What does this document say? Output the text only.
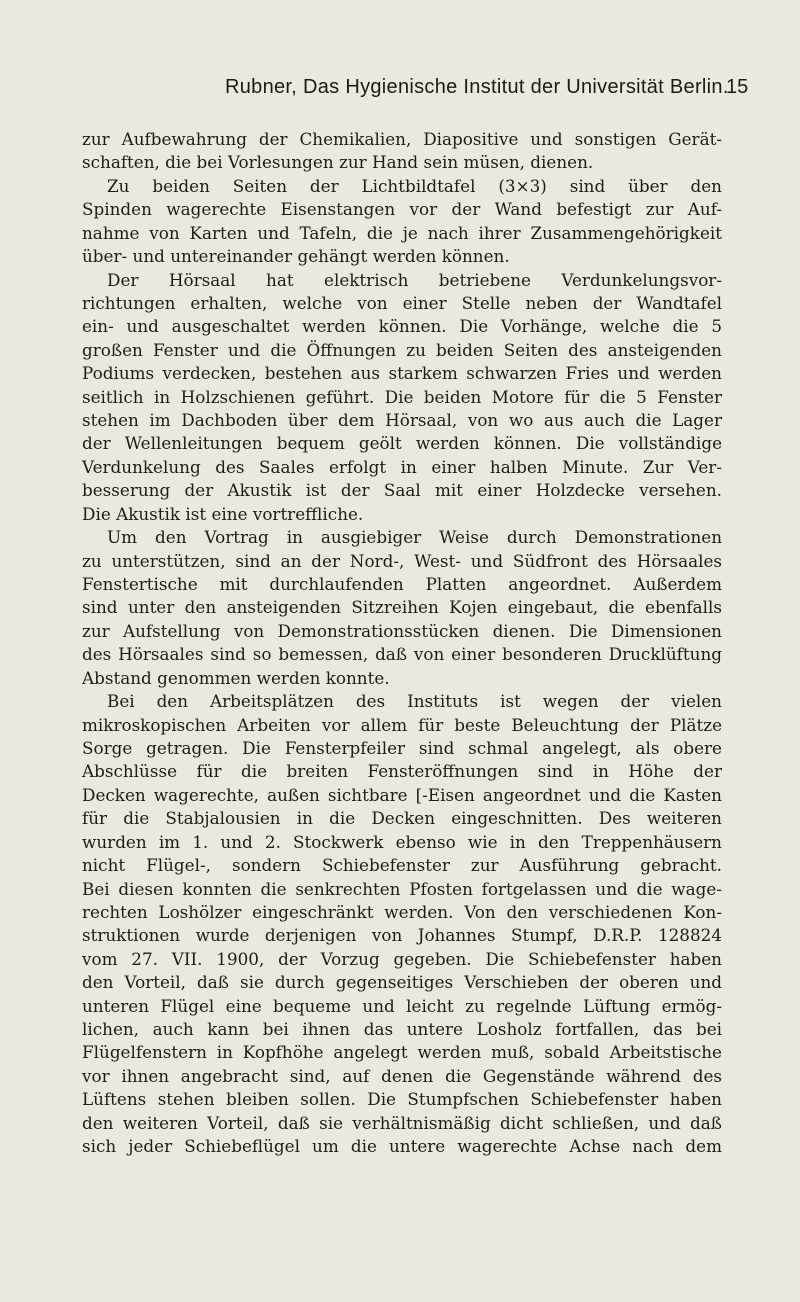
Rubner, Das Hygienische Institut der Universität Berlin.
15
zur Aufbewahrung der Chemikalien, Diapositive und sonstigen Gerät-
schaften, die bei Vorlesungen zur Hand sein müsen, dienen.
Zu beiden Seiten der Lichtbildtafel (3×3) sind über den
Spinden wagerechte Eisenstangen vor der Wand befestigt zur Auf-
nahme von Karten und Tafeln, die je nach ihrer Zusammengehörigkeit
über- und untereinander gehängt werden können.
Der Hörsaal hat elektrisch betriebene Verdunkelungsvor-
richtungen erhalten, welche von einer Stelle neben der Wandtafel
ein- und ausgeschaltet werden können. Die Vorhänge, welche die 5
großen Fenster und die Öffnungen zu beiden Seiten des ansteigenden
Podiums verdecken, bestehen aus starkem schwarzen Fries und werden
seitlich in Holzschienen geführt. Die beiden Motore für die 5 Fenster
stehen im Dachboden über dem Hörsaal, von wo aus auch die Lager
der Wellenleitungen bequem geölt werden können. Die vollständige
Verdunkelung des Saales erfolgt in einer halben Minute. Zur Ver-
besserung der Akustik ist der Saal mit einer Holzdecke versehen.
Die Akustik ist eine vortreffliche.
Um den Vortrag in ausgiebiger Weise durch Demonstrationen
zu unterstützen, sind an der Nord-, West- und Südfront des Hörsaales
Fenstertische mit durchlaufenden Platten angeordnet. Außerdem
sind unter den ansteigenden Sitzreihen Kojen eingebaut, die ebenfalls
zur Aufstellung von Demonstrationsstücken dienen. Die Dimensionen
des Hörsaales sind so bemessen, daß von einer besonderen Drucklüftung
Abstand genommen werden konnte.
Bei den Arbeitsplätzen des Instituts ist wegen der vielen
mikroskopischen Arbeiten vor allem für beste Beleuchtung der Plätze
Sorge getragen. Die Fensterpfeiler sind schmal angelegt, als obere
Abschlüsse für die breiten Fensteröffnungen sind in Höhe der
Decken wagerechte, außen sichtbare [-Eisen angeordnet und die Kasten
für die Stabjalousien in die Decken eingeschnitten. Des weiteren
wurden im 1. und 2. Stockwerk ebenso wie in den Treppenhäusern
nicht Flügel-, sondern Schiebefenster zur Ausführung gebracht.
Bei diesen konnten die senkrechten Pfosten fortgelassen und die wage-
rechten Loshölzer eingeschränkt werden. Von den verschiedenen Kon-
struktionen wurde derjenigen von Johannes Stumpf, D.R.P. 128824
vom 27. VII. 1900, der Vorzug gegeben. Die Schiebefenster haben
den Vorteil, daß sie durch gegenseitiges Verschieben der oberen und
unteren Flügel eine bequeme und leicht zu regelnde Lüftung ermög-
lichen, auch kann bei ihnen das untere Losholz fortfallen, das bei
Flügelfenstern in Kopfhöhe angelegt werden muß, sobald Arbeitstische
vor ihnen angebracht sind, auf denen die Gegenstände während des
Lüftens stehen bleiben sollen. Die Stumpfschen Schiebefenster haben
den weiteren Vorteil, daß sie verhältnismäßig dicht schließen, und daß
sich jeder Schiebeflügel um die untere wagerechte Achse nach dem
